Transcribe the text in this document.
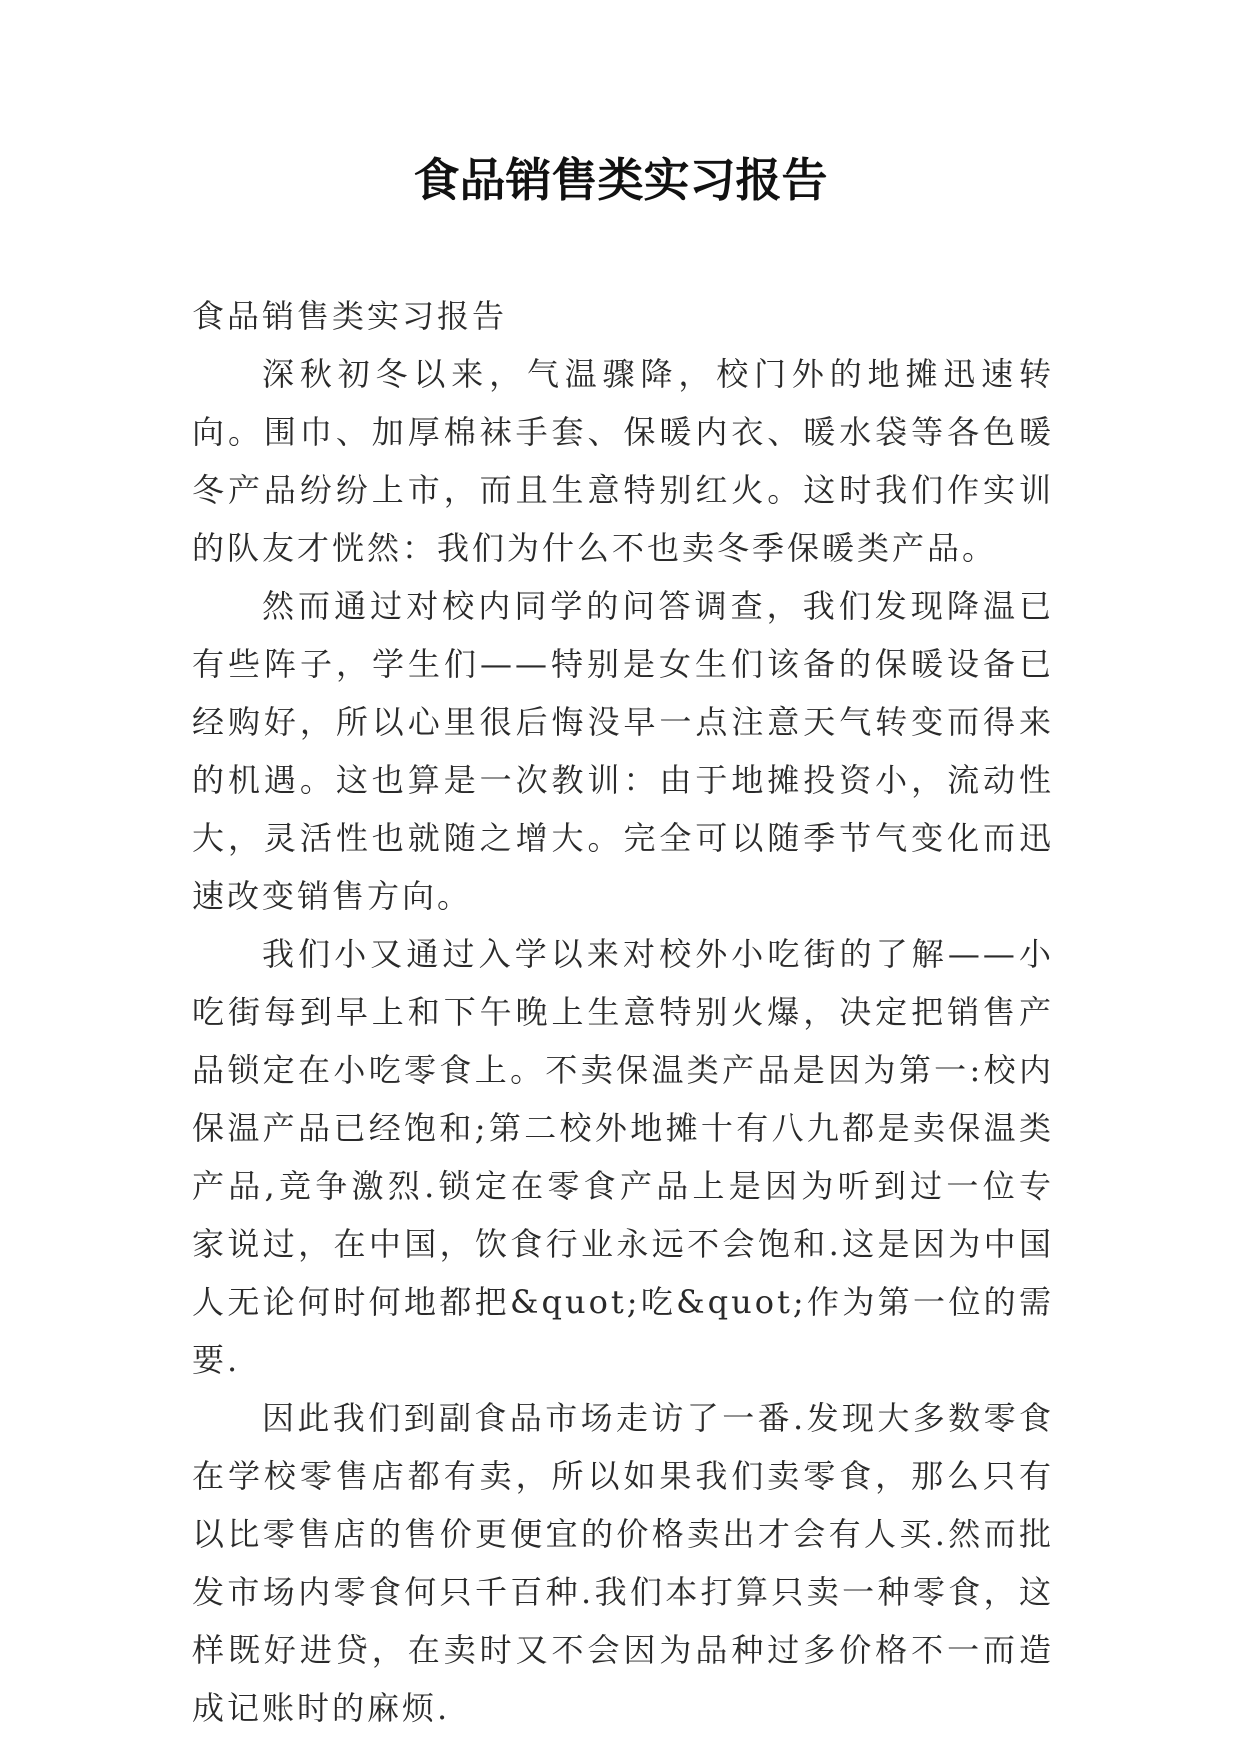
食品销售类实习报告

食品销售类实习报告

深秋初冬以来，气温骤降，校门外的地摊迅速转向。围巾、加厚棉袜手套、保暖内衣、暖水袋等各色暖冬产品纷纷上市，而且生意特别红火。这时我们作实训的队友才恍然：我们为什么不也卖冬季保暖类产品。

然而通过对校内同学的问答调查，我们发现降温已有些阵子，学生们——特别是女生们该备的保暖设备已经购好，所以心里很后悔没早一点注意天气转变而得来的机遇。这也算是一次教训：由于地摊投资小，流动性大，灵活性也就随之增大。完全可以随季节气变化而迅速改变销售方向。

我们小又通过入学以来对校外小吃街的了解——小吃街每到早上和下午晚上生意特别火爆，决定把销售产品锁定在小吃零食上。不卖保温类产品是因为第一:校内保温产品已经饱和;第二校外地摊十有八九都是卖保温类产品,竞争激烈.锁定在零食产品上是因为听到过一位专家说过，在中国，饮食行业永远不会饱和.这是因为中国人无论何时何地都把&quot;吃&quot;作为第一位的需要.

因此我们到副食品市场走访了一番.发现大多数零食在学校零售店都有卖，所以如果我们卖零食，那么只有以比零售店的售价更便宜的价格卖出才会有人买.然而批发市场内零食何只千百种.我们本打算只卖一种零食，这样既好进贷，在卖时又不会因为品种过多价格不一而造成记账时的麻烦.
